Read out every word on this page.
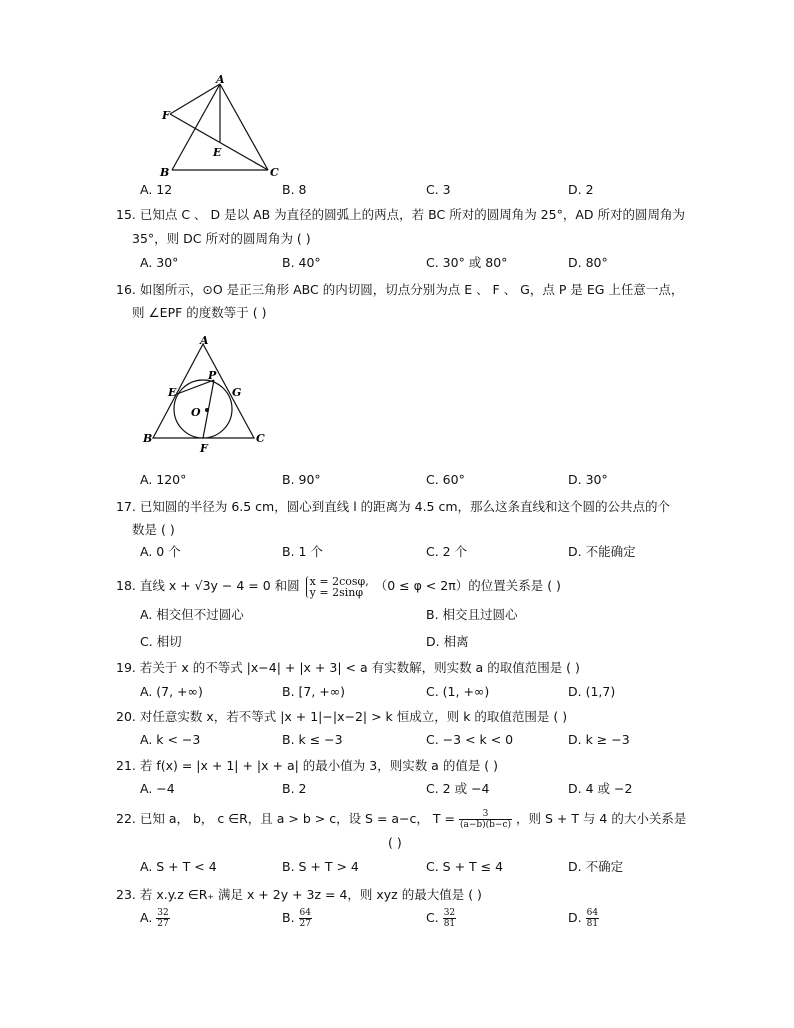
A
F
E
B	C
A. 12	B. 8	C. 3	D. 2
15. 已知点 C 、 D 是以 AB 为直径的圆弧上的两点，若 BC 所对的圆周角为 25°，AD 所对的圆周角为
35°，则 DC 所对的圆周角为 ( )
A. 30°	B. 40°	C. 30° 或 80°	D. 80°
16. 如图所示，⊙O 是正三角形 ABC 的内切圆，切点分别为点 E 、 F 、 G，点 P 是 EG 上任意一点，
则 ∠EPF 的度数等于 ( )
A
E
P
G
O
B	C
F
A. 120°	B. 90°	C. 60°	D. 30°
17. 已知圆的半径为 6.5 cm，圆心到直线 l 的距离为 4.5 cm，那么这条直线和这个圆的公共点的个
数是 ( )
A. 0 个	B. 1 个	C. 2 个	D. 不能确定
18. 直线 x + √3y − 4 = 0 和圆 x = 2cosφ,
y = 2sinφ （0 ≤ φ < 2π）的位置关系是 ( )
A. 相交但不过圆心	B. 相交且过圆心
C. 相切	D. 相离
19. 若关于 x 的不等式 |x−4| + |x + 3| < a 有实数解，则实数 a 的取值范围是 ( )
A. (7, +∞)	B. [7, +∞)	C. (1, +∞)	D. (1,7)
20. 对任意实数 x，若不等式 |x + 1|−|x−2| > k 恒成立，则 k 的取值范围是 ( )
A. k < −3	B. k ≤ −3	C. −3 < k < 0	D. k ≥ −3
21. 若 f(x) = |x + 1| + |x + a| 的最小值为 3，则实数 a 的值是 ( )
A. −4	B. 2	C. 2 或 −4	D. 4 或 −2
22. 已知 a， b， c ∈R，且 a > b > c，设 S = a−c， $T = \frac{3}{(a-b)(b-c)}$ ，则 S + T 与 4 的大小关系是
( )
A. S + T < 4	B. S + T > 4	C. S + T ≤ 4	D. 不确定
23. 若 x.y.z ∈R₊ 满足 x + 2y + 3z = 4，则 xyz 的最大值是 ( )
A. $\frac{32}{27}$	B. $\frac{64}{27}$	C. $\frac{32}{81}$	D. $\frac{64}{81}$
